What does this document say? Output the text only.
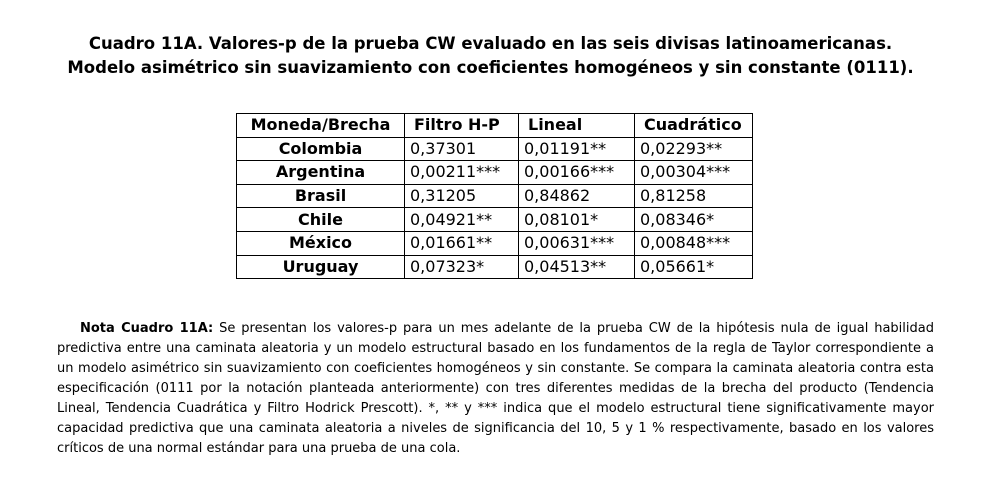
Cuadro 11A. Valores-p de la prueba CW evaluado en las seis divisas latinoamericanas.
Modelo asimétrico sin suavizamiento con coeficientes homogéneos y sin constante (0111).
Moneda/Brecha	Filtro H-P	Lineal	Cuadrático
Colombia	0,37301	0,01191**	0,02293**
Argentina	0,00211***	0,00166***	0,00304***
Brasil	0,31205	0,84862	0,81258
Chile	0,04921**	0,08101*	0,08346*
México	0,01661**	0,00631***	0,00848***
Uruguay	0,07323*	0,04513**	0,05661*
Nota Cuadro 11A: Se presentan los valores-p para un mes adelante de la prueba CW de la hipótesis nula de igual habilidad predictiva entre una caminata aleatoria y un modelo estructural basado en los fundamentos de la regla de Taylor correspondiente a un modelo asimétrico sin suavizamiento con coeficientes homogéneos y sin constante. Se compara la caminata aleatoria contra esta especificación (0111 por la notación planteada anteriormente) con tres diferentes medidas de la brecha del producto (Tendencia Lineal, Tendencia Cuadrática y Filtro Hodrick Prescott). *, ** y *** indica que el modelo estructural tiene significativamente mayor capacidad predictiva que una caminata aleatoria a niveles de significancia del 10, 5 y 1 % respectivamente, basado en los valores críticos de una normal estándar para una prueba de una cola.
